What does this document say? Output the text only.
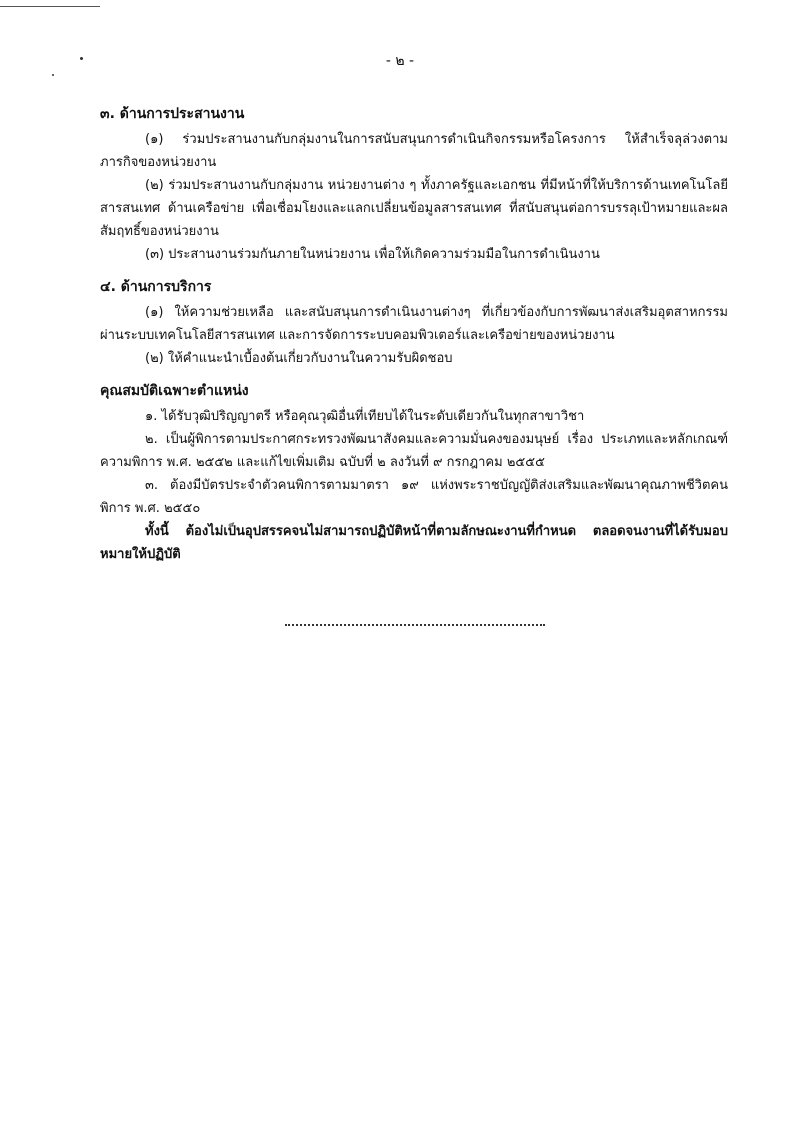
- ๒ -
๓. ด้านการประสานงาน

(๑) ร่วมประสานงานกับกลุ่มงานในการสนับสนุนการดำเนินกิจกรรมหรือโครงการ ให้สำเร็จลุล่วงตามภารกิจของหน่วยงาน

(๒) ร่วมประสานงานกับกลุ่มงาน หน่วยงานต่าง ๆ ทั้งภาครัฐและเอกชน ที่มีหน้าที่ให้บริการด้านเทคโนโลยีสารสนเทศ ด้านเครือข่าย เพื่อเชื่อมโยงและแลกเปลี่ยนข้อมูลสารสนเทศ ที่สนับสนุนต่อการบรรลุเป้าหมายและผลสัมฤทธิ์ของหน่วยงาน

(๓) ประสานงานร่วมกันภายในหน่วยงาน เพื่อให้เกิดความร่วมมือในการดำเนินงาน

๔. ด้านการบริการ

(๑) ให้ความช่วยเหลือ และสนับสนุนการดำเนินงานต่างๆ ที่เกี่ยวข้องกับการพัฒนาส่งเสริมอุตสาหกรรมผ่านระบบเทคโนโลยีสารสนเทศ และการจัดการระบบคอมพิวเตอร์และเครือข่ายของหน่วยงาน

(๒) ให้คำแนะนำเบื้องต้นเกี่ยวกับงานในความรับผิดชอบ

คุณสมบัติเฉพาะตำแหน่ง

๑. ได้รับวุฒิปริญญาตรี หรือคุณวุฒิอื่นที่เทียบได้ในระดับเดียวกันในทุกสาขาวิชา

๒. เป็นผู้พิการตามประกาศกระทรวงพัฒนาสังคมและความมั่นคงของมนุษย์ เรื่อง ประเภทและหลักเกณฑ์ความพิการ พ.ศ. ๒๕๕๒ และแก้ไขเพิ่มเติม ฉบับที่ ๒ ลงวันที่ ๙ กรกฎาคม ๒๕๕๕

๓. ต้องมีบัตรประจำตัวคนพิการตามมาตรา ๑๙ แห่งพระราชบัญญัติส่งเสริมและพัฒนาคุณภาพชีวิตคนพิการ พ.ศ. ๒๕๕๐

ทั้งนี้ ต้องไม่เป็นอุปสรรคจนไม่สามารถปฏิบัติหน้าที่ตามลักษณะงานที่กำหนด ตลอดจนงานที่ได้รับมอบหมายให้ปฏิบัติ
